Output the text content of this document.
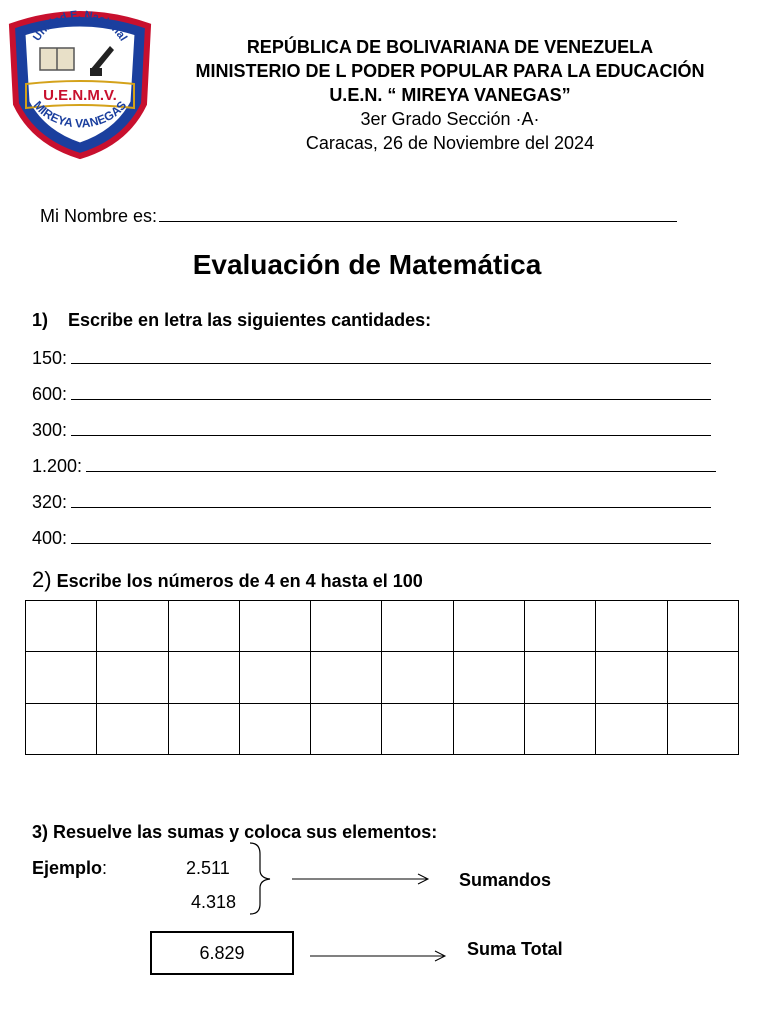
Unidad E. Nacional
U.E.N.M.V.
MIREYA VANEGAS
REPÚBLICA DE BOLIVARIANA DE VENEZUELA
MINISTERIO DE L PODER POPULAR PARA LA EDUCACIÓN
U.E.N. “ MIREYA VANEGAS”
3er Grado Sección ·A·
Caracas, 26 de Noviembre del 2024
Mi Nombre es:
Evaluación de Matemática
1) Escribe en letra las siguientes cantidades:
150:
600:
300:
1.200:
320:
400:
2) Escribe los números de 4 en 4 hasta el 100

3) Resuelve las sumas y coloca sus elementos:
Ejemplo:	2.511
4.318
Sumandos
6.829	Suma Total
